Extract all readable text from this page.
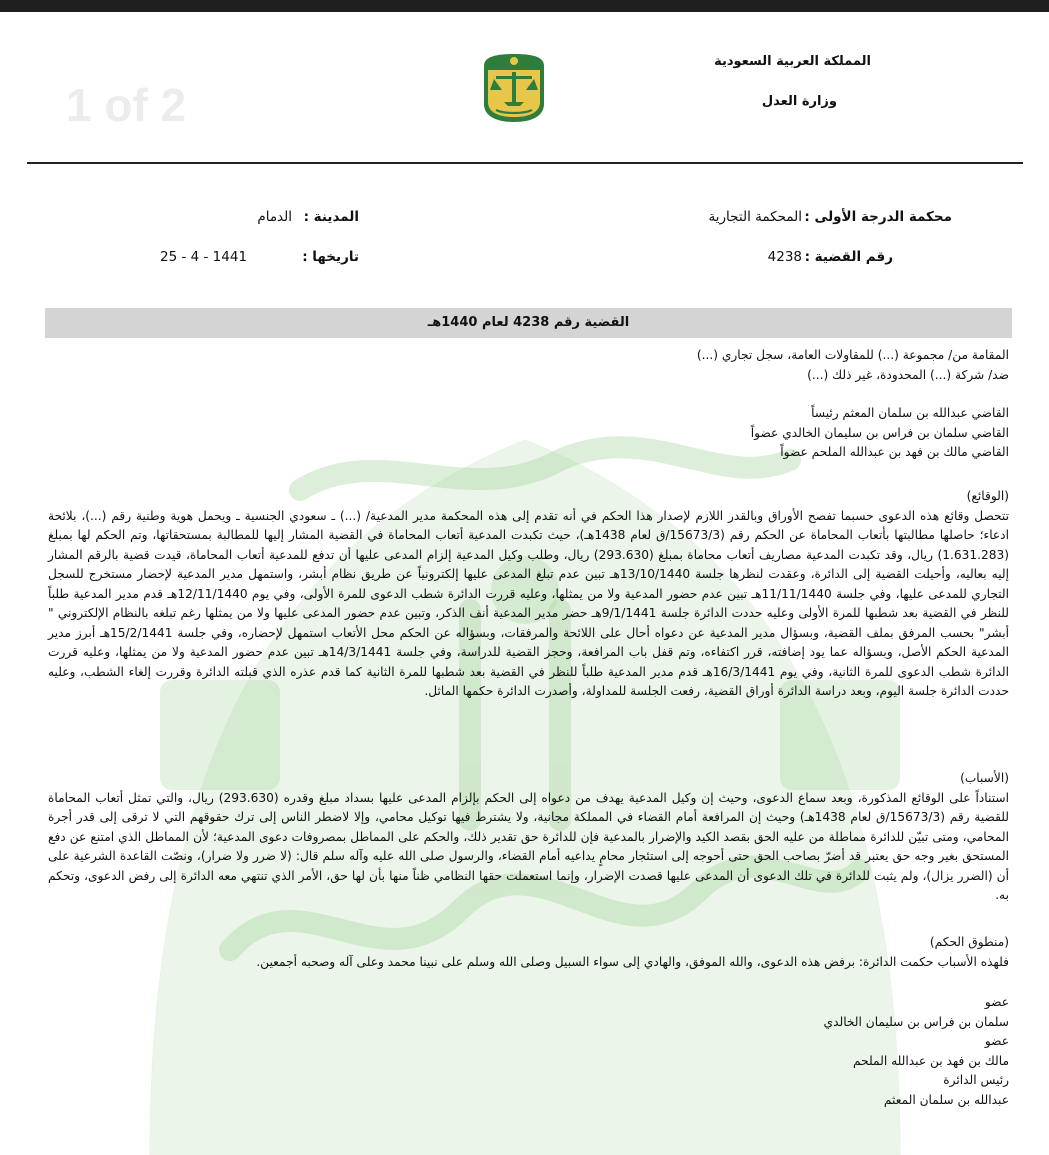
1 of 2
المملكة العربية السعودية
وزارة العدل
محكمة الدرجة الأولى :
المحكمة التجارية
المدينة :
الدمام
رقم القضية :
4238
تاريخها :
25 - 4 - 1441
القضية رقم 4238 لعام 1440هـ
المقامة من/ مجموعة (...) للمقاولات العامة، سجل تجاري (...)
ضد/ شركة (...) المحدودة، غير ذلك (...)
القاضي عبدالله بن سلمان المعثم رئيساً
القاضي سلمان بن فراس بن سليمان الخالدي عضواً
القاضي مالك بن فهد بن عبدالله الملحم عضواً
(الوقائع)
تتحصل وقائع هذه الدعوى حسبما تفصح الأوراق وبالقدر اللازم لإصدار هذا الحكم في أنه تقدم إلى هذه المحكمة مدير المدعية/ (...) ـ سعودي الجنسية ـ ويحمل هوية وطنية رقم (...)، بلائحة ادعاء؛ حاصلها مطالبتها بأتعاب المحاماة عن الحكم رقم (15673/3/ق لعام 1438هـ)، حيث تكبدت المدعية أتعاب المحاماة في القضية المشار إليها للمطالبة بمستحقاتها، وتم الحكم لها بمبلغ (1.631.283) ريال، وقد تكبدت المدعية مصاريف أتعاب محاماة بمبلغ (293.630) ريال، وطلب وكيل المدعية إلزام المدعى عليها أن تدفع للمدعية أتعاب المحاماة، قيدت قضية بالرقم المشار إليه بعاليه، وأحيلت القضية إلى الدائرة، وعقدت لنظرها جلسة 13/10/1440هـ تبين عدم تبلغ المدعى عليها إلكترونياً عن طريق نظام أبشر، واستمهل مدير المدعية لإحضار مستخرج للسجل التجاري للمدعى عليها، وفي جلسة 11/11/1440هـ تبين عدم حضور المدعية ولا من يمثلها، وعليه قررت الدائرة شطب الدعوى للمرة الأولى، وفي يوم 12/11/1440هـ قدم مدير المدعية طلباً للنظر في القضية بعد شطبها للمرة الأولى وعليه حددت الدائرة جلسة 9/1/1441هـ حضر مدير المدعية أنف الذكر، وتبين عدم حضور المدعى عليها ولا من يمثلها رغم تبلغه بالنظام الإلكتروني " أبشر" بحسب المرفق بملف القضية، وبسؤال مدير المدعية عن دعواه أحال على اللائحة والمرفقات، وبسؤاله عن الحكم محل الأتعاب استمهل لإحضاره، وفي جلسة 15/2/1441هـ أبرز مدير المدعية الحكم الأصل، وبسؤاله عما يود إضافته، قرر اكتفاءه، وتم قفل باب المرافعة، وحجز القضية للدراسة، وفي جلسة 14/3/1441هـ تبين عدم حضور المدعية ولا من يمثلها، وعليه قررت الدائرة شطب الدعوى للمرة الثانية، وفي يوم 16/3/1441هـ قدم مدير المدعية طلباً للنظر في القضية بعد شطبها للمرة الثانية كما قدم عذره الذي قبلته الدائرة وقررت إلغاء الشطب، وعليه حددت الدائرة جلسة اليوم، وبعد دراسة الدائرة أوراق القضية، رفعت الجلسة للمداولة، وأصدرت الدائرة حكمها الماثل.
(الأسباب)
استناداً على الوقائع المذكورة، وبعد سماع الدعوى، وحيث إن وكيل المدعية يهدف من دعواه إلى الحكم بإلزام المدعى عليها بسداد مبلغ وقدره (293.630) ريال، والتي تمثل أتعاب المحاماة للقضية رقم (15673/3/ق لعام 1438هـ) وحيث إن المرافعة أمام القضاء في المملكة مجانية، ولا يشترط فيها توكيل محامي، وإلا لاضطر الناس إلى ترك حقوقهم التي لا ترقى إلى قدر أجرة المحامي، ومتى تبيّن للدائرة مماطلة من عليه الحق بقصد الكيد والإضرار بالمدعية فإن للدائرة حق تقدير ذلك، والحكم على المماطل بمصروفات دعوى المدعية؛ لأن المماطل الذي امتنع عن دفع المستحق بغير وجه حق يعتبر قد أضرّ بصاحب الحق حتى أحوجه إلى استئجار محامٍ يداعيه أمام القضاء، والرسول صلى الله عليه وآله سلم قال: (لا ضرر ولا ضرار)، ونصّت القاعدة الشرعية على أن (الضرر يزال)، ولم يثبت للدائرة في تلك الدعوى أن المدعى عليها قصدت الإضرار، وإنما استعملت حقها النظامي ظناً منها بأن لها حق، الأمر الذي تنتهي معه الدائرة إلى رفض الدعوى، وتحكم به.
(منطوق الحكم)
فلهذه الأسباب حكمت الدائرة: برفض هذه الدعوى، والله الموفق، والهادي إلى سواء السبيل وصلى الله وسلم على نبينا محمد وعلى آله وصحبه أجمعين.
عضو
سلمان بن فراس بن سليمان الخالدي
عضو
مالك بن فهد بن عبدالله الملحم
رئيس الدائرة
عبدالله بن سلمان المعثم
